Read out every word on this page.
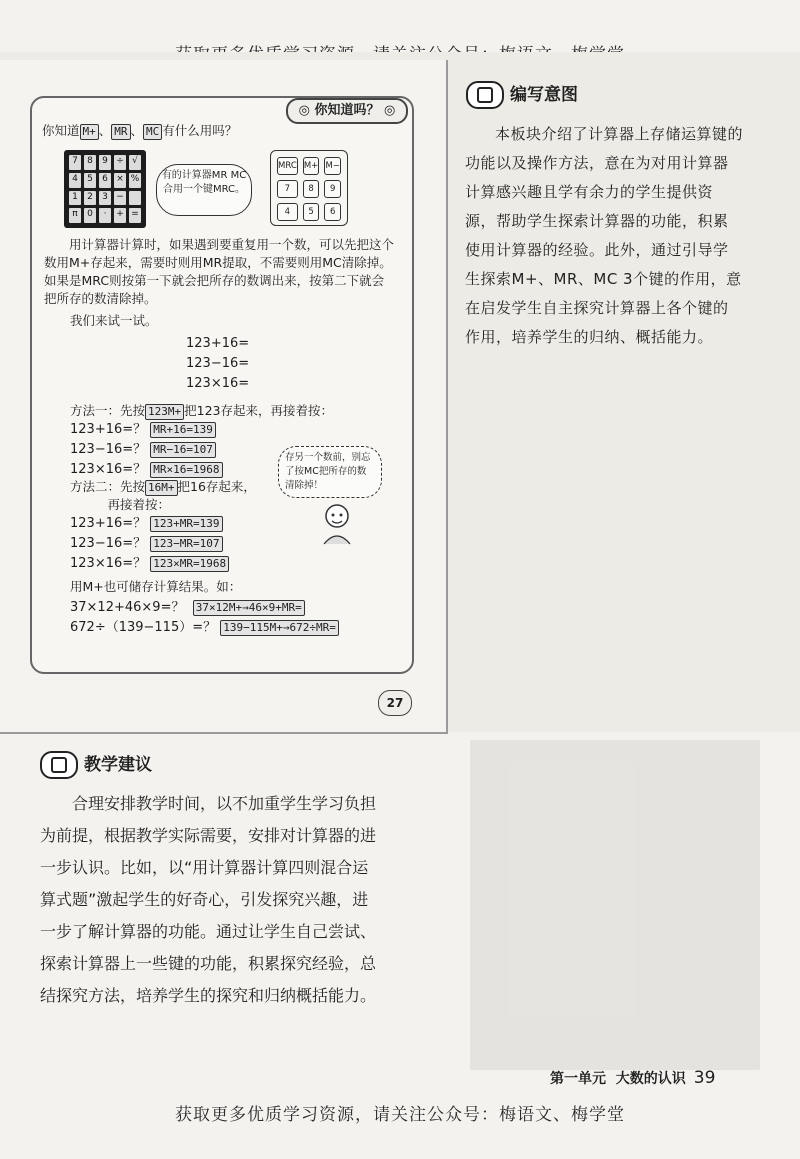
获取更多优质学习资源，请关注公众号：梅语文、梅学堂
◎ 你知道吗？ ◎
你知道 M+ 、 MR 、 MC 有什么用吗？
7	8	9 ÷ √
4	5	6 × %
1	2	3 −
π	0	·	+ =
有的计算器MR MC合用一个键MRC。
MRC M+ M−
7	8	9
4	5	6
用计算器计算时，如果遇到要重复用一个数，可以先把这个数用M+存起来，需要时则用MR提取，不需要则用MC清除掉。如果是MRC则按第一下就会把所存的数调出来，按第二下就会把所存的数清除掉。
我们来试一试。
123+16=
123−16=
123×16=
方法一：先按 123M+ 把123存起来，再接着按：
123+16=？ MR+16=139
123−16=？ MR−16=107
123×16=？ MR×16=1968
存另一个数前，别忘了按MC把所存的数清除掉！
方法二：先按 16M+ 把16存起来，
再接着按：
123+16=？ 123+MR=139
123−16=？ 123−MR=107
123×16=？ 123×MR=1968
用M+也可储存计算结果。如：
37×12+46×9=？ 37×12M+→46×9+MR=
672÷（139−115）=？ 139−115M+→672÷MR=
27
编写意图
本板块介绍了计算器上存储运算键的功能以及操作方法，意在为对用计算器计算感兴趣且学有余力的学生提供资源，帮助学生探索计算器的功能，积累使用计算器的经验。此外，通过引导学生探索M+、MR、MC 3个键的作用，意在启发学生自主探究计算器上各个键的作用，培养学生的归纳、概括能力。
教学建议
合理安排教学时间，以不加重学生学习负担为前提，根据教学实际需要，安排对计算器的进一步认识。比如，以“用计算器计算四则混合运算式题”激起学生的好奇心，引发探究兴趣，进一步了解计算器的功能。通过让学生自己尝试、探索计算器上一些键的功能，积累探究经验，总结探究方法，培养学生的探究和归纳概括能力。
第一单元 大数的认识 39
